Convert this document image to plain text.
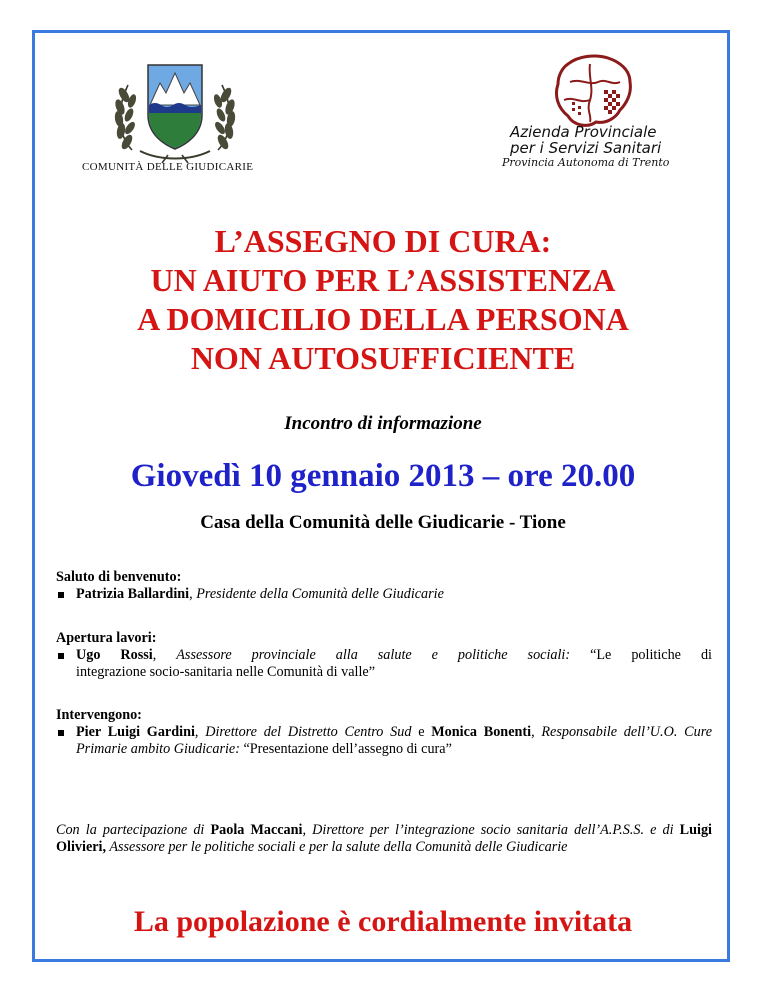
COMUNITÀ DELLE GIUDICARIE
Azienda Provinciale
per i Servizi Sanitari
Provincia Autonoma di Trento
L’ASSEGNO DI CURA:
UN AIUTO PER L’ASSISTENZA
A DOMICILIO DELLA PERSONA
NON AUTOSUFFICIENTE
Incontro di informazione
Giovedì 10 gennaio 2013 – ore 20.00
Casa della Comunità delle Giudicarie - Tione
Saluto di benvenuto:
Patrizia Ballardini, Presidente della Comunità delle Giudicarie
Apertura lavori:
Ugo Rossi, Assessore provinciale alla salute e politiche sociali: “Le politiche di
integrazione socio-sanitaria nelle Comunità di valle”
Intervengono:
Pier Luigi Gardini, Direttore del Distretto Centro Sud e Monica Bonenti, Responsabile dell’U.O. Cure Primarie ambito Giudicarie: “Presentazione dell’assegno di cura”
Con la partecipazione di Paola Maccani, Direttore per l’integrazione socio sanitaria dell’A.P.S.S. e di Luigi Olivieri, Assessore per le politiche sociali e per la salute della Comunità delle Giudicarie
La popolazione è cordialmente invitata
